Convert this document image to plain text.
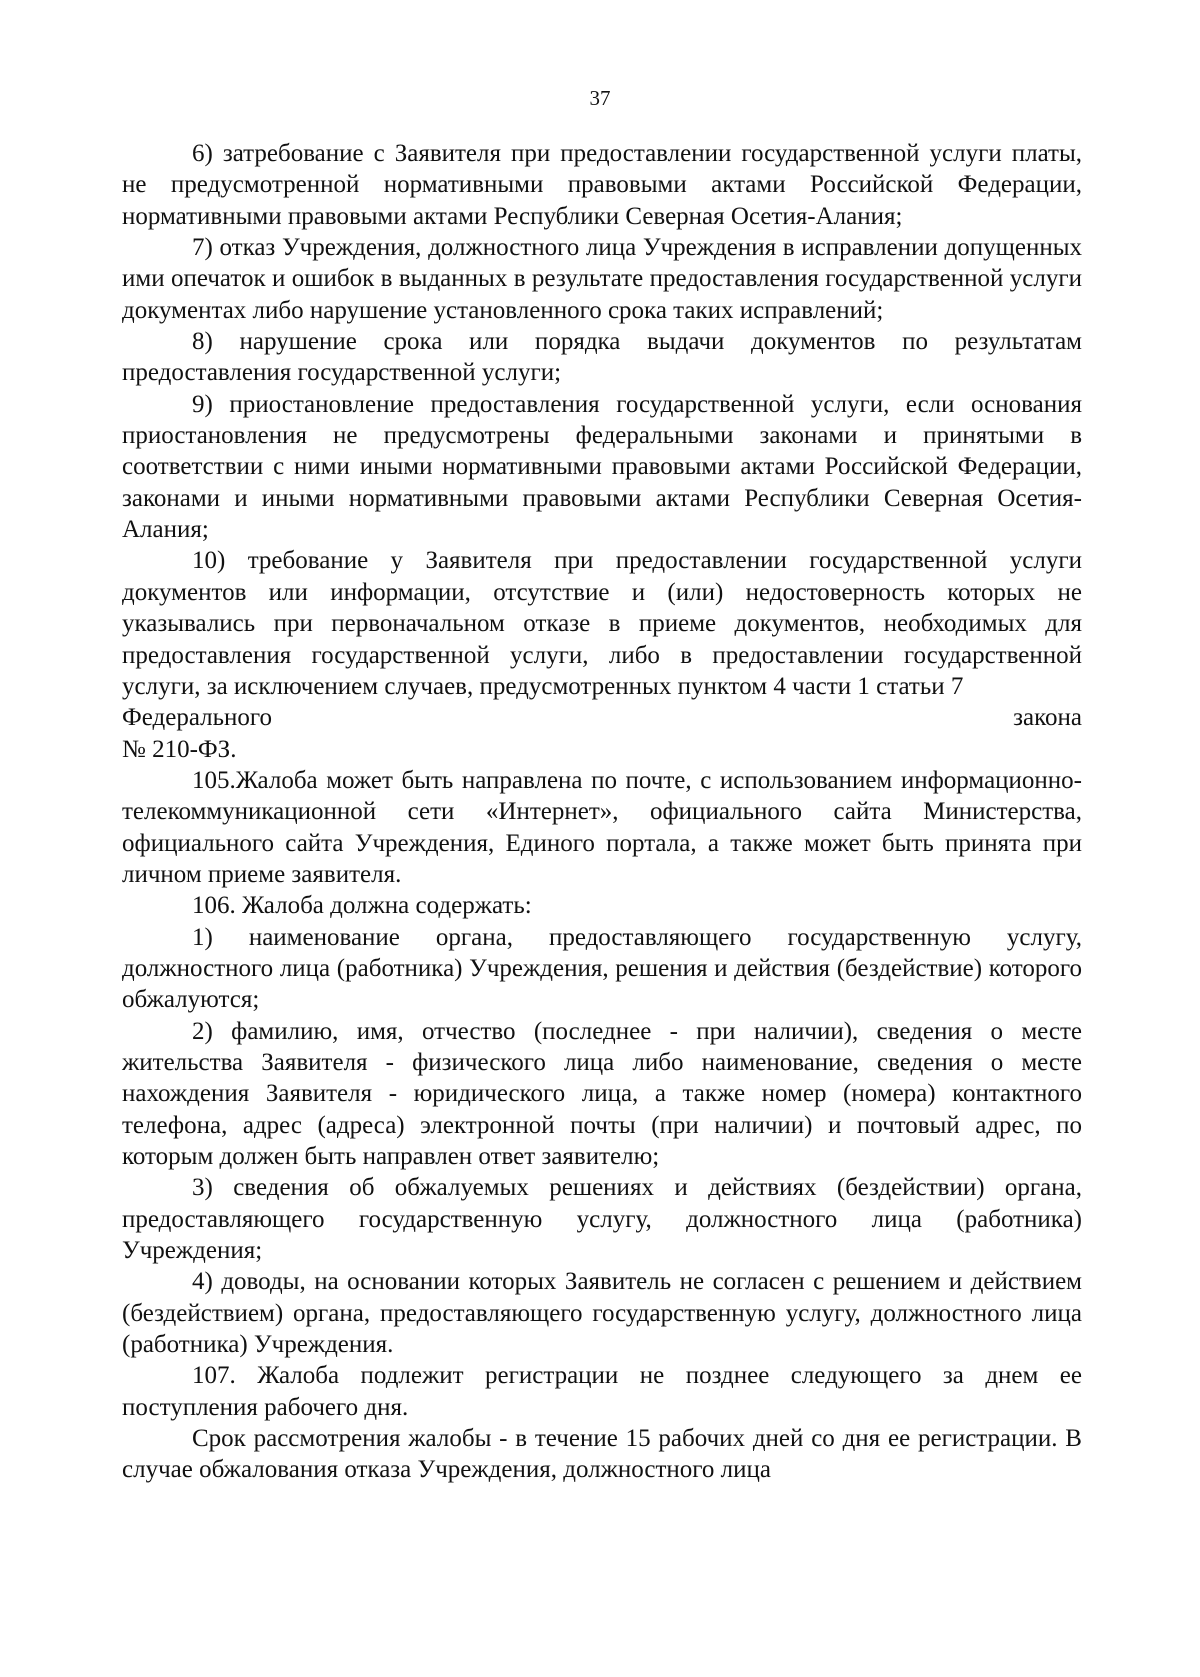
37

6) затребование с Заявителя при предоставлении государственной услуги платы, не предусмотренной нормативными правовыми актами Российской Федерации, нормативными правовыми актами Республики Северная Осетия-Алания;

7) отказ Учреждения, должностного лица Учреждения в исправлении допущенных ими опечаток и ошибок в выданных в результате предоставления государственной услуги документах либо нарушение установленного срока таких исправлений;

8) нарушение срока или порядка выдачи документов по результатам предоставления государственной услуги;

9) приостановление предоставления государственной услуги, если основания приостановления не предусмотрены федеральными законами и принятыми в соответствии с ними иными нормативными правовыми актами Российской Федерации, законами и иными нормативными правовыми актами Республики Северная Осетия-Алания;

10) требование у Заявителя при предоставлении государственной услуги документов или информации, отсутствие и (или) недостоверность которых не указывались при первоначальном отказе в приеме документов, необходимых для предоставления государственной услуги, либо в предоставлении государственной услуги, за исключением случаев, предусмотренных пунктом 4 части 1 статьи 7

Федерального	закона

№ 210-ФЗ.

105.Жалоба может быть направлена по почте, с использованием информационно-телекоммуникационной сети «Интернет», официального сайта Министерства, официального сайта Учреждения, Единого портала, а также может быть принята при личном приеме заявителя.

106. Жалоба должна содержать:

1) наименование органа, предоставляющего государственную услугу, должностного лица (работника) Учреждения, решения и действия (бездействие) которого обжалуются;

2) фамилию, имя, отчество (последнее - при наличии), сведения о месте жительства Заявителя - физического лица либо наименование, сведения о месте нахождения Заявителя - юридического лица, а также номер (номера) контактного телефона, адрес (адреса) электронной почты (при наличии) и почтовый адрес, по которым должен быть направлен ответ заявителю;

3) сведения об обжалуемых решениях и действиях (бездействии) органа, предоставляющего государственную услугу, должностного лица (работника) Учреждения;

4) доводы, на основании которых Заявитель не согласен с решением и действием (бездействием) органа, предоставляющего государственную услугу, должностного лица (работника) Учреждения.

107. Жалоба подлежит регистрации не позднее следующего за днем ее поступления рабочего дня.

Срок рассмотрения жалобы - в течение 15 рабочих дней со дня ее регистрации. В случае обжалования отказа Учреждения, должностного лица
